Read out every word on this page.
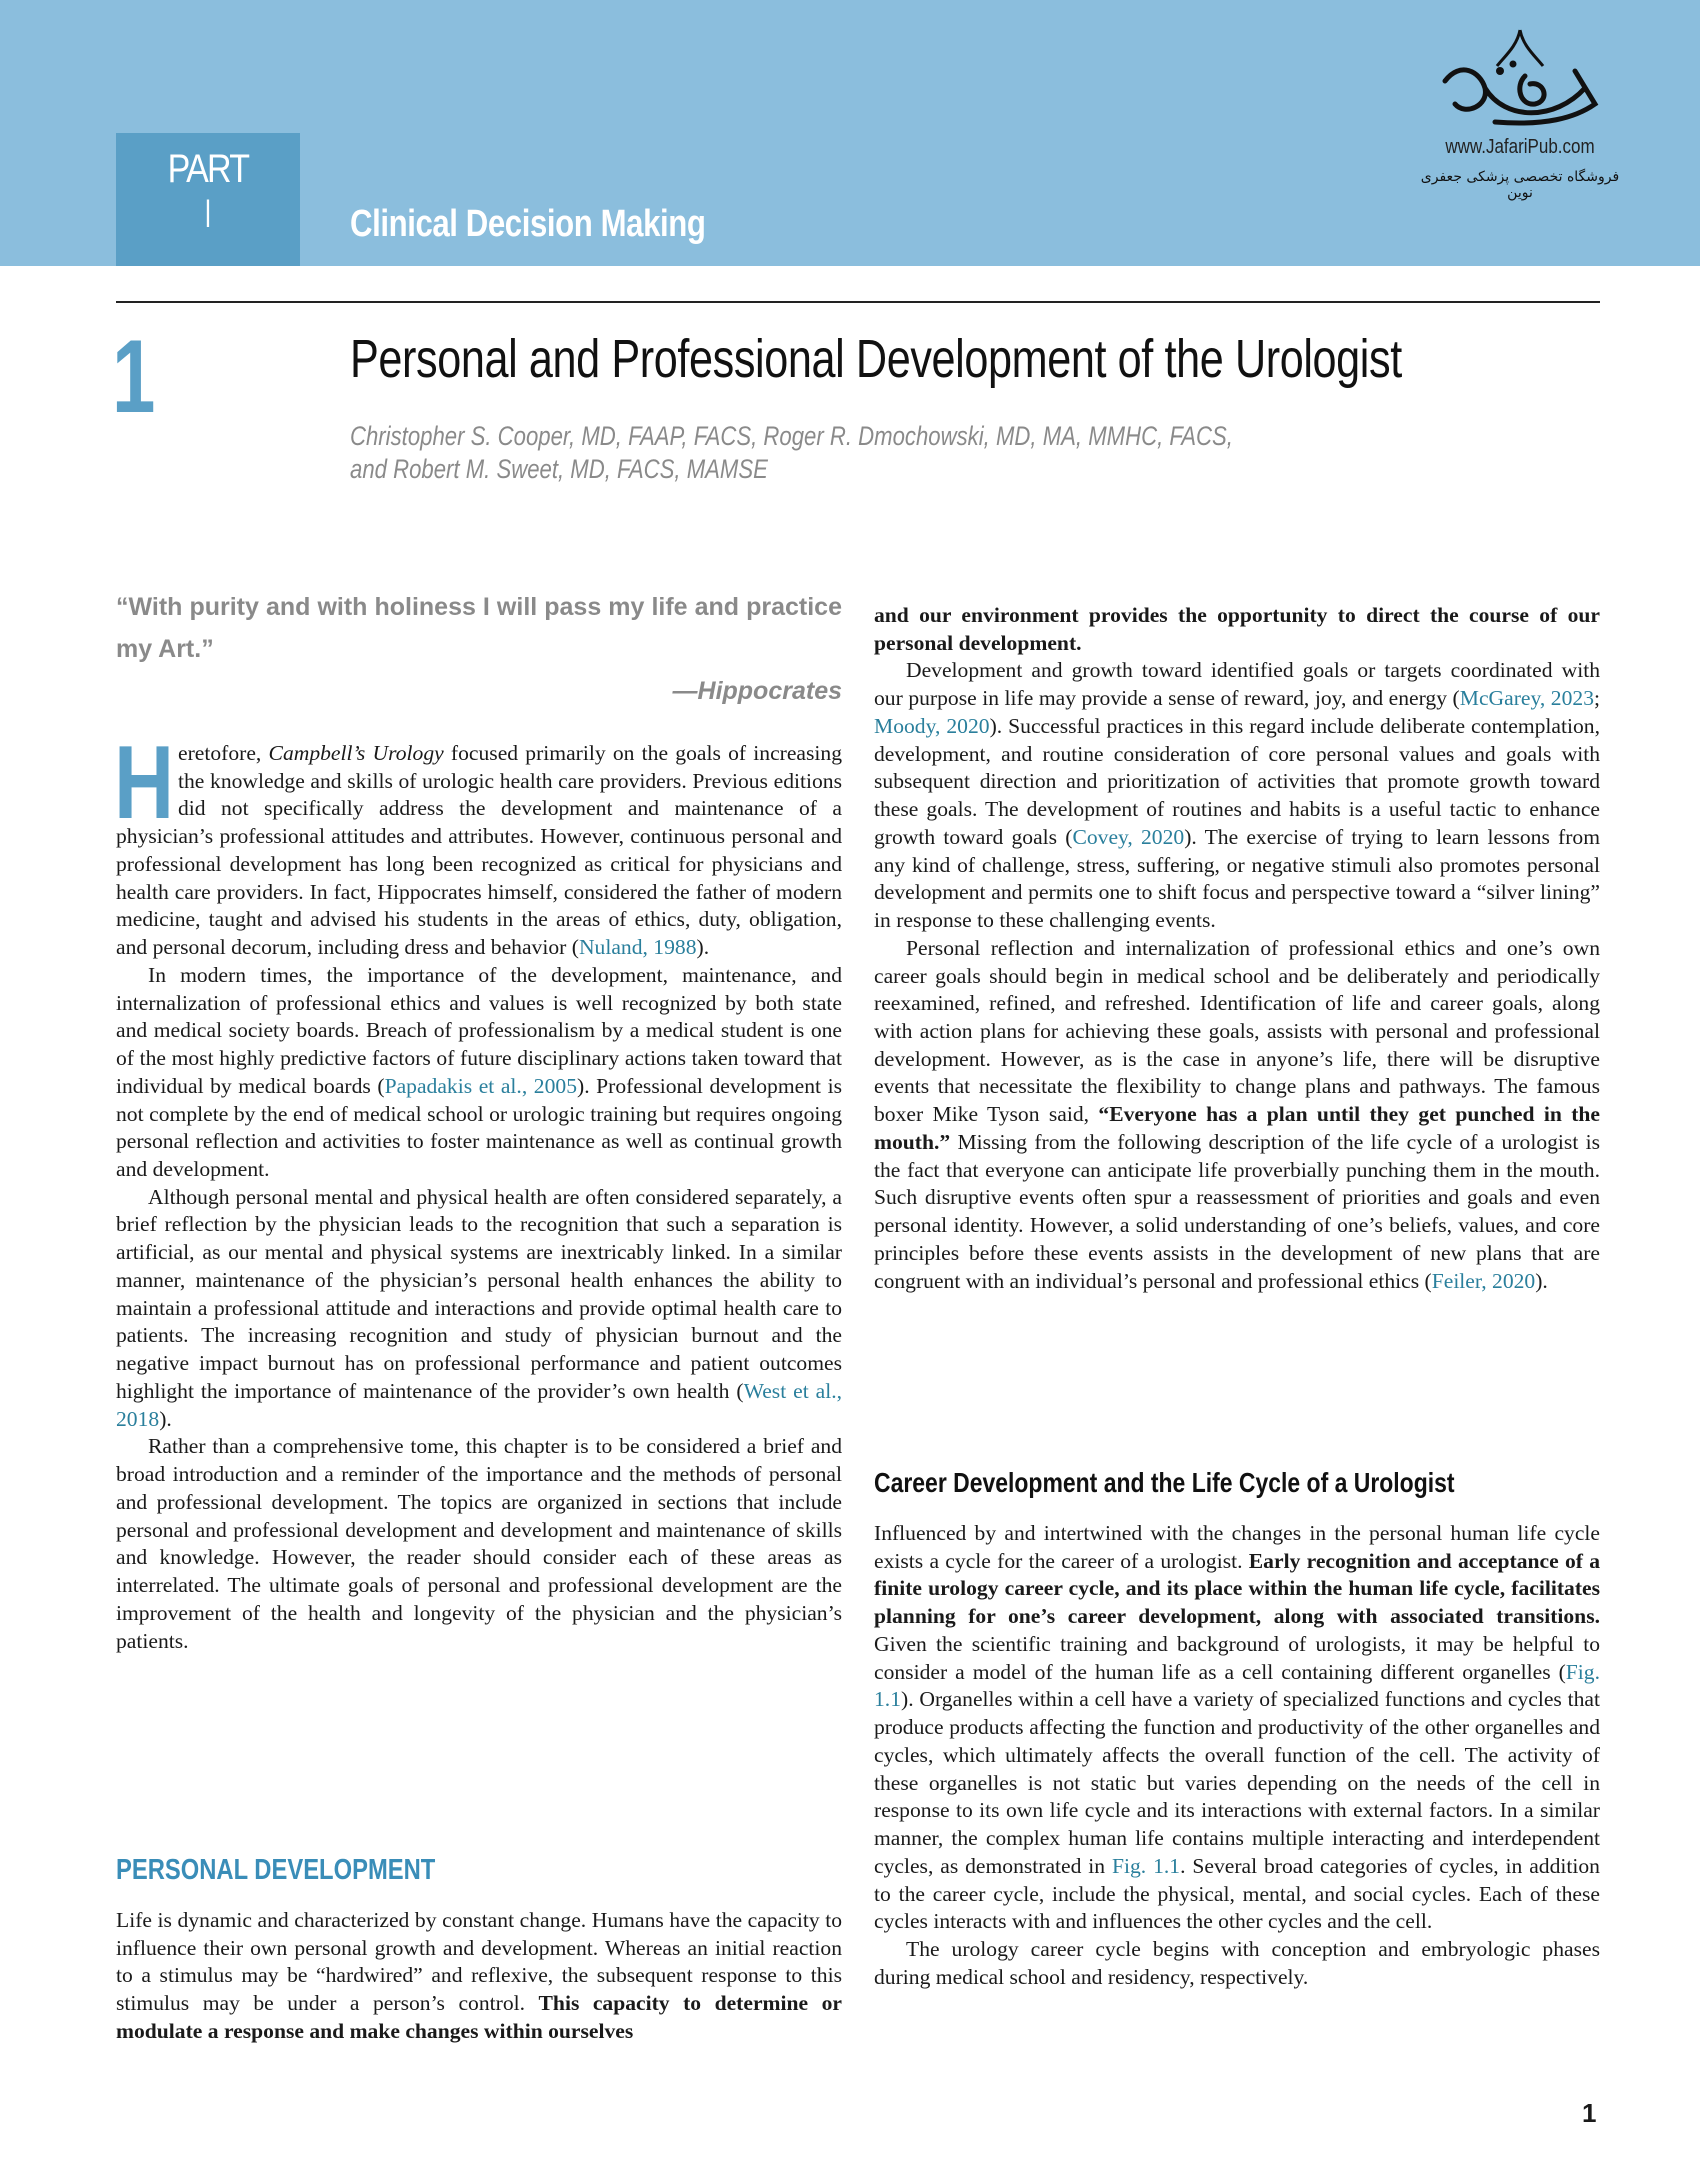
PART
I	Clinical Decision Making
www.JafariPub.com
فروشگاه تخصصی پزشکی جعفری نوین
1	Personal and Professional Development of the Urologist
Christopher S. Cooper, MD, FAAP, FACS, Roger R. Dmochowski, MD, MA, MMHC, FACS,
and Robert M. Sweet, MD, FACS, MAMSE
“With purity and with holiness I will pass my life and practice my Art.”
—Hippocrates
H eretofore, Campbell’s Urology focused primarily on the goals of increasing the knowledge and skills of urologic health care providers. Previous editions did not specifically address the development and maintenance of a physician’s professional attitudes and attributes. However, continuous personal and professional development has long been recognized as critical for physicians and health care providers. In fact, Hippocrates himself, considered the father of modern medicine, taught and advised his students in the areas of ethics, duty, obligation, and personal decorum, including dress and behavior (Nuland, 1988).

In modern times, the importance of the development, maintenance, and internalization of professional ethics and values is well recognized by both state and medical society boards. Breach of professionalism by a medical student is one of the most highly predictive factors of future disciplinary actions taken toward that individual by medical boards (Papadakis et al., 2005). Professional development is not complete by the end of medical school or urologic training but requires ongoing personal reflection and activities to foster maintenance as well as continual growth and development.

Although personal mental and physical health are often considered separately, a brief reflection by the physician leads to the recognition that such a separation is artificial, as our mental and physical systems are inextricably linked. In a similar manner, maintenance of the physician’s personal health enhances the ability to maintain a professional attitude and interactions and provide optimal health care to patients. The increasing recognition and study of physician burnout and the negative impact burnout has on professional performance and patient outcomes highlight the importance of maintenance of the provider’s own health (West et al., 2018).

Rather than a comprehensive tome, this chapter is to be considered a brief and broad introduction and a reminder of the importance and the methods of personal and professional development. The topics are organized in sections that include personal and professional development and development and maintenance of skills and knowledge. However, the reader should consider each of these areas as interrelated. The ultimate goals of personal and professional development are the improvement of the health and longevity of the physician and the physician’s patients.

PERSONAL DEVELOPMENT

Life is dynamic and characterized by constant change. Humans have the capacity to influence their own personal growth and development. Whereas an initial reaction to a stimulus may be “hardwired” and reflexive, the subsequent response to this stimulus may be under a person’s control. This capacity to determine or modulate a response and make changes within ourselves

and our environment provides the opportunity to direct the course of our personal development.

Development and growth toward identified goals or targets coordinated with our purpose in life may provide a sense of reward, joy, and energy (McGarey, 2023; Moody, 2020). Successful practices in this regard include deliberate contemplation, development, and routine consideration of core personal values and goals with subsequent direction and prioritization of activities that promote growth toward these goals. The development of routines and habits is a useful tactic to enhance growth toward goals (Covey, 2020). The exercise of trying to learn lessons from any kind of challenge, stress, suffering, or negative stimuli also promotes personal development and permits one to shift focus and perspective toward a “silver lining” in response to these challenging events.

Personal reflection and internalization of professional ethics and one’s own career goals should begin in medical school and be deliberately and periodically reexamined, refined, and refreshed. Identification of life and career goals, along with action plans for achieving these goals, assists with personal and professional development. However, as is the case in anyone’s life, there will be disruptive events that necessitate the flexibility to change plans and pathways. The famous boxer Mike Tyson said, “Everyone has a plan until they get punched in the mouth.” Missing from the following description of the life cycle of a urologist is the fact that everyone can anticipate life proverbially punching them in the mouth. Such disruptive events often spur a reassessment of priorities and goals and even personal identity. However, a solid understanding of one’s beliefs, values, and core principles before these events assists in the development of new plans that are congruent with an individual’s personal and professional ethics (Feiler, 2020).

Career Development and the Life Cycle of a Urologist

Influenced by and intertwined with the changes in the personal human life cycle exists a cycle for the career of a urologist. Early recognition and acceptance of a finite urology career cycle, and its place within the human life cycle, facilitates planning for one’s career development, along with associated transitions. Given the scientific training and background of urologists, it may be helpful to consider a model of the human life as a cell containing different organelles (Fig. 1.1). Organelles within a cell have a variety of specialized functions and cycles that produce products affecting the function and productivity of the other organelles and cycles, which ultimately affects the overall function of the cell. The activity of these organelles is not static but varies depending on the needs of the cell in response to its own life cycle and its interactions with external factors. In a similar manner, the complex human life contains multiple interacting and interdependent cycles, as demonstrated in Fig. 1.1. Several broad categories of cycles, in addition to the career cycle, include the physical, mental, and social cycles. Each of these cycles interacts with and influences the other cycles and the cell.

The urology career cycle begins with conception and embryologic phases during medical school and residency, respectively.

1
